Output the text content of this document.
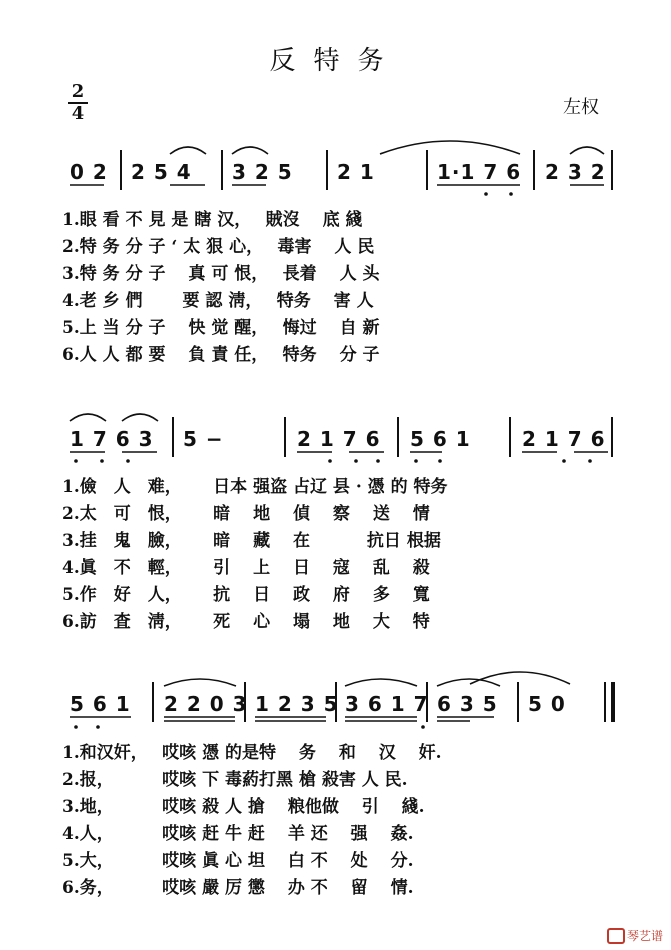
反特务
左权
2
4
0 2 2 5 4 3 2 5 2 1	1·1 7 6 2 3 2
1.眼 看 不 見 是 瞎 汉，　 賊沒　 底 綫
2.特 务 分 子 ‘ 太 狠 心，　 毒害　 人 民
3.特 务 分 子　 真 可 恨，　 長着　 人 头
4.老 乡 們　　 要 認 淸，　 特务　 害 人
5.上 当 分 子　 快 觉 醒，　 悔过　 自 新
6.人 人 都 要　 負 責 任，　 特务　 分 子
1 7 6 3 5 −	2 1 7 6 5 6 1	2 1 7 6
1.儉　人　难，　　 日本 强盗 占辽 县 · 憑 的 特务
2.太　可　恨，　　 暗　 地　 偵　 察　 送　 情
3.挂　鬼　臉，　　 暗　 藏　 在　　　 抗日 根据
4.眞　不　輕，　　 引　 上　 日　 寇　 乱　 殺
5.作　好　人，　　 抗　 日　 政　 府　 多　 寬
6.訪　査　淸，　　 死　 心　 塌　 地　 大　 特
5 6 1 2 2 0 3 1 2 3 5 3 6 1 7 6 3 5 5 0
1.和汉奸，　 哎咳 憑 的是特　 务　 和　 汉　 奸.
2.报，　　　 哎咳 下 毒葯打黑 槍 殺害 人 民.
3.地，　　　 哎咳 殺 人 搶　 粮他做　 引　 綫.
4.人，　　　 哎咳 赶 牛 赶　 羊 还　 强　 姦.
5.大，　　　 哎咳 眞 心 坦　 白 不　 处　 分.
6.务，　　　 哎咳 嚴 厉 懲　 办 不　 留　 情.
琴艺谱
